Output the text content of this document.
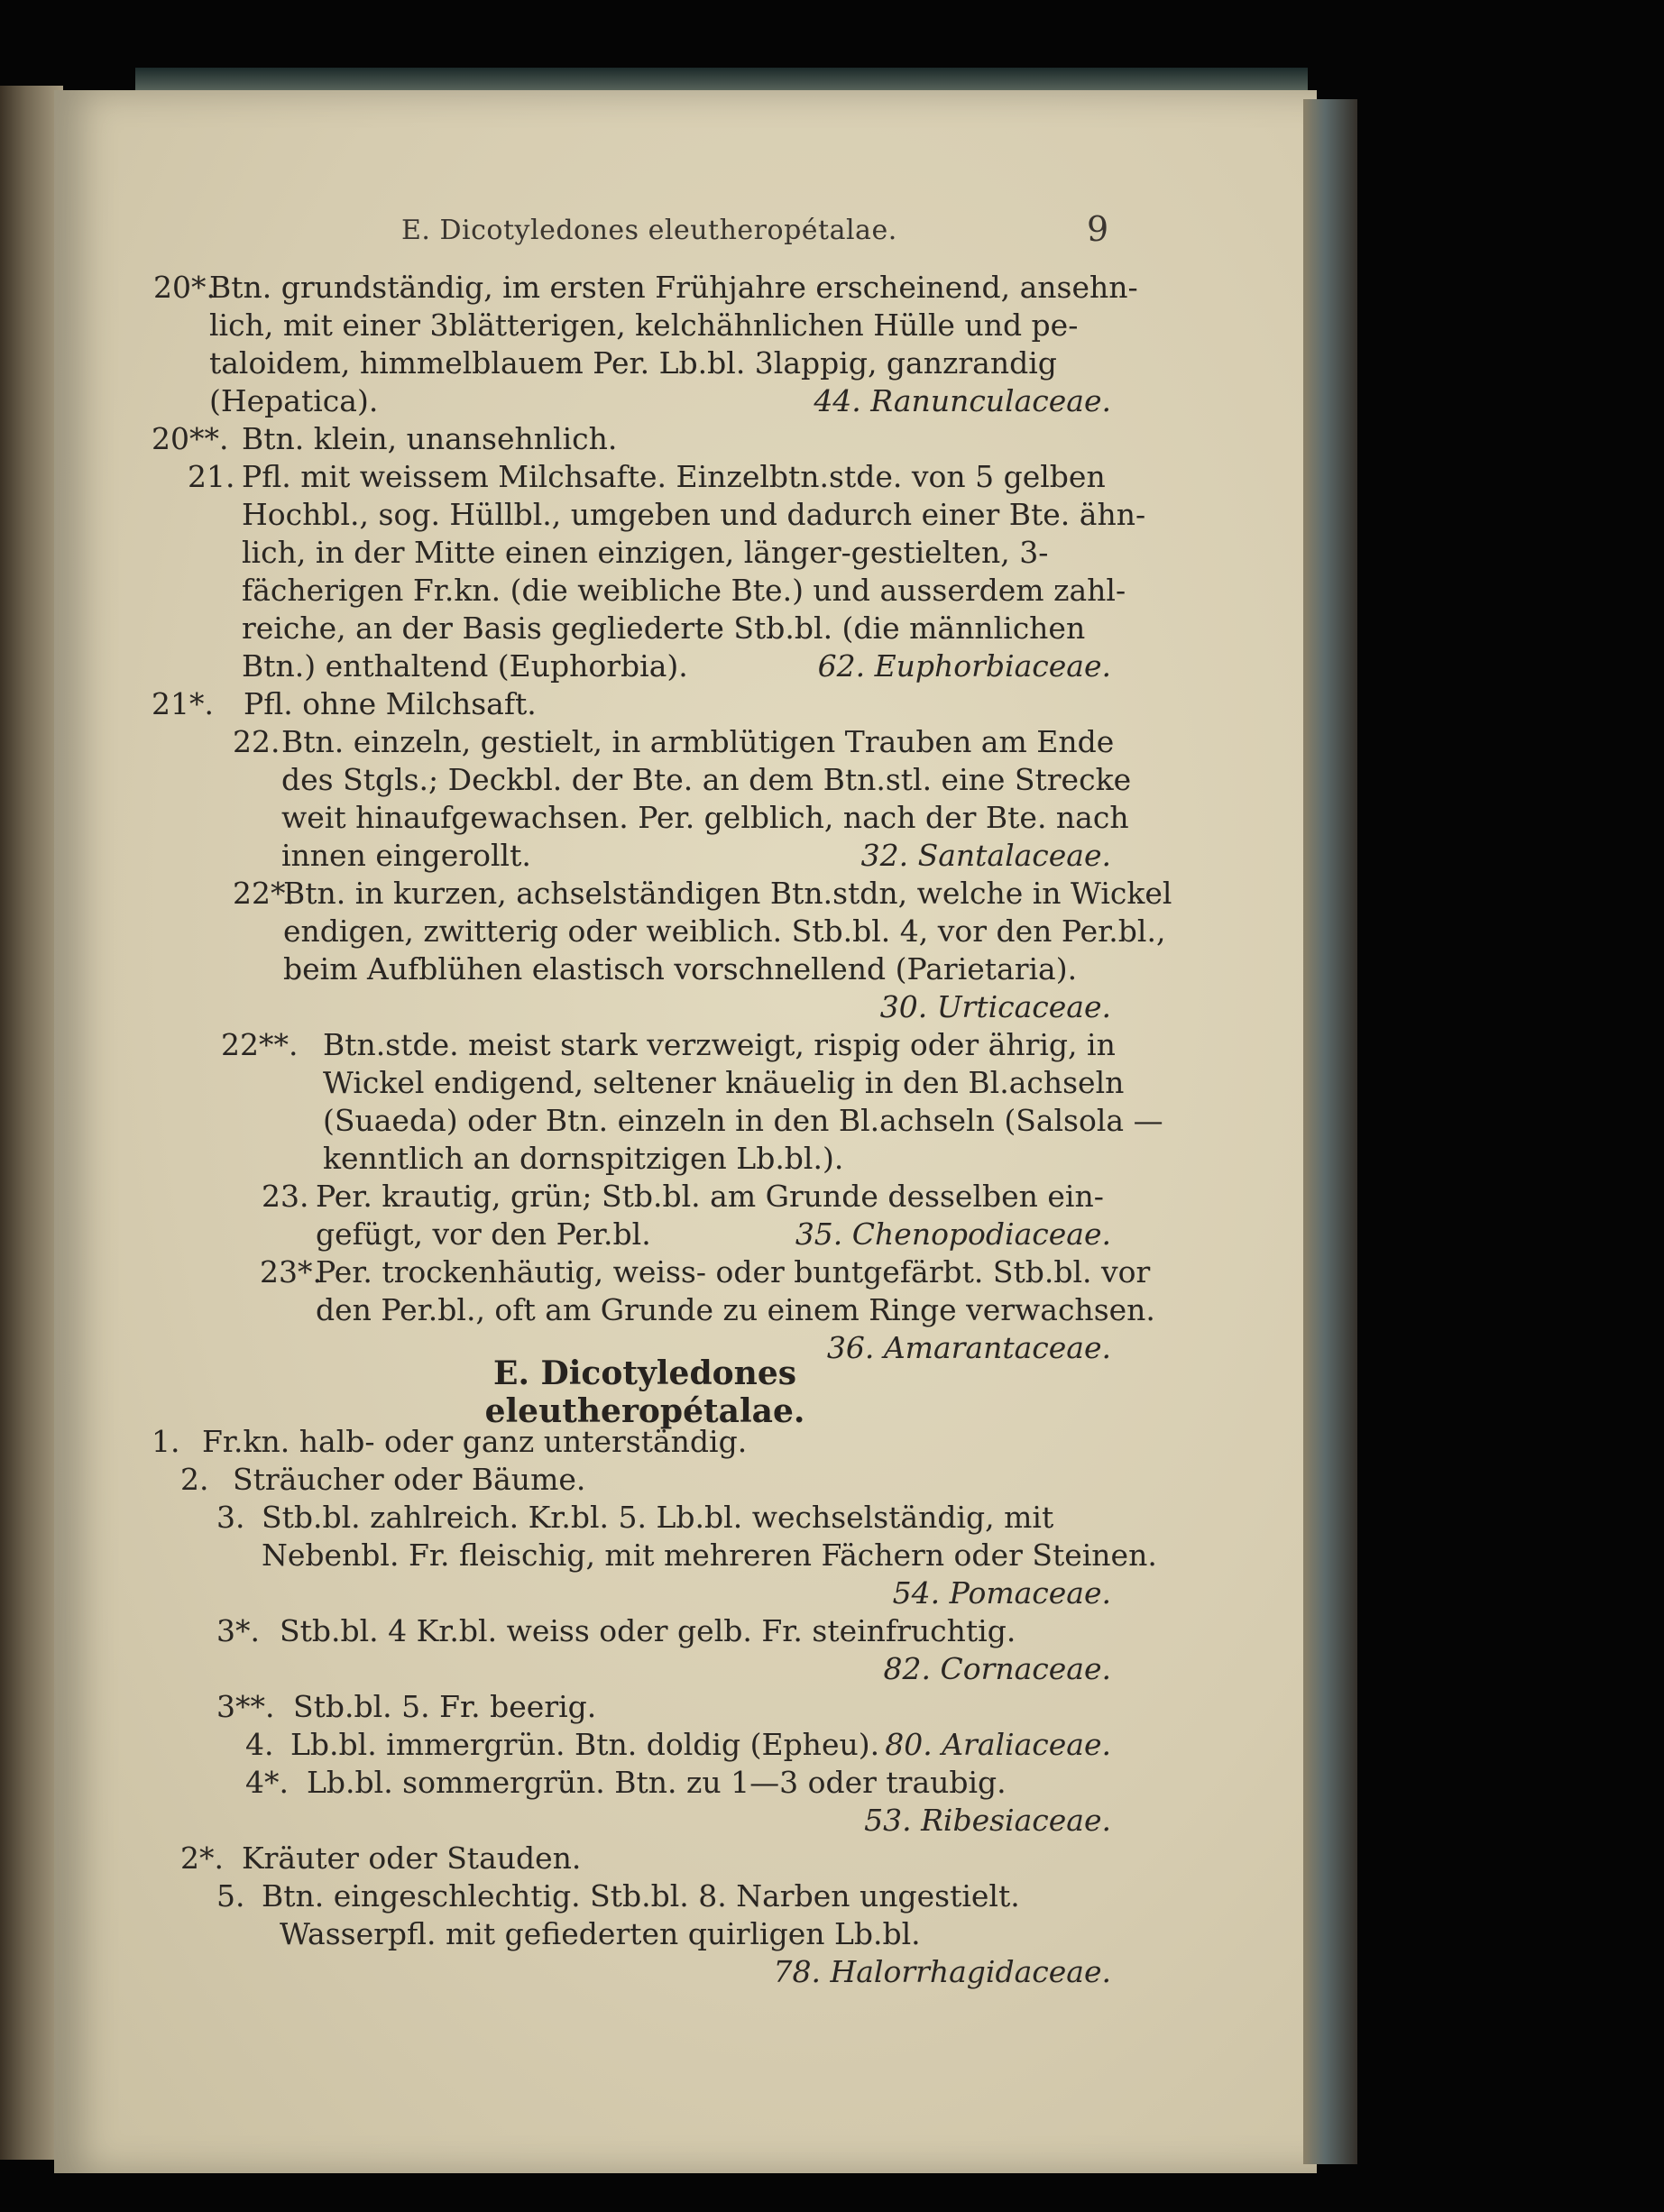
E. Dicotyledones eleutheropétalae.	9
20*.
Btn. grundständig, im ersten Frühjahre erscheinend, ansehn-
lich, mit einer 3blätterigen, kelchähnlichen Hülle und pe-
taloidem, himmelblauem Per. Lb.bl. 3lappig, ganzrandig
(Hepatica).	44. Ranunculaceae.
20**. Btn. klein, unansehnlich.
21. Pfl. mit weissem Milchsafte. Einzelbtn.stde. von 5 gelben
Hochbl., sog. Hüllbl., umgeben und dadurch einer Bte. ähn-
lich, in der Mitte einen einzigen, länger-gestielten, 3-
fächerigen Fr.kn. (die weibliche Bte.) und ausserdem zahl-
reiche, an der Basis gegliederte Stb.bl. (die männlichen
Btn.) enthaltend (Euphorbia).	62. Euphorbiaceae.
21*. Pfl. ohne Milchsaft.
22. Btn. einzeln, gestielt, in armblütigen Trauben am Ende
des Stgls.; Deckbl. der Bte. an dem Btn.stl. eine Strecke
weit hinaufgewachsen. Per. gelblich, nach der Bte. nach
innen eingerollt.	32. Santalaceae.
22*.
Btn. in kurzen, achselständigen Btn.stdn, welche in Wickel
endigen, zwitterig oder weiblich. Stb.bl. 4, vor den Per.bl.,
beim Aufblühen elastisch vorschnellend (Parietaria).
30. Urticaceae.
22**. Btn.stde. meist stark verzweigt, rispig oder ährig, in
Wickel endigend, seltener knäuelig in den Bl.achseln
(Suaeda) oder Btn. einzeln in den Bl.achseln (Salsola —
kenntlich an dornspitzigen Lb.bl.).
23. Per. krautig, grün; Stb.bl. am Grunde desselben ein-
gefügt, vor den Per.bl.	35. Chenopodiaceae.
23*.
Per. trockenhäutig, weiss- oder buntgefärbt. Stb.bl. vor
den Per.bl., oft am Grunde zu einem Ringe verwachsen.
36. Amarantaceae.
E. Dicotyledones eleutheropétalae.
1. Fr.kn. halb- oder ganz unterständig.
2. Sträucher oder Bäume.
3. Stb.bl. zahlreich. Kr.bl. 5. Lb.bl. wechselständig, mit
Nebenbl. Fr. fleischig, mit mehreren Fächern oder Steinen.
54. Pomaceae.
3*. Stb.bl. 4 Kr.bl. weiss oder gelb. Fr. steinfruchtig.
82. Cornaceae.
3**. Stb.bl. 5. Fr. beerig.
4. Lb.bl. immergrün. Btn. doldig (Epheu). 80. Araliaceae.
4*. Lb.bl. sommergrün. Btn. zu 1—3 oder traubig.
53. Ribesiaceae.
2*. Kräuter oder Stauden.
5. Btn. eingeschlechtig. Stb.bl. 8. Narben ungestielt.
Wasserpfl. mit gefiederten quirligen Lb.bl.
78. Halorrhagidaceae.
